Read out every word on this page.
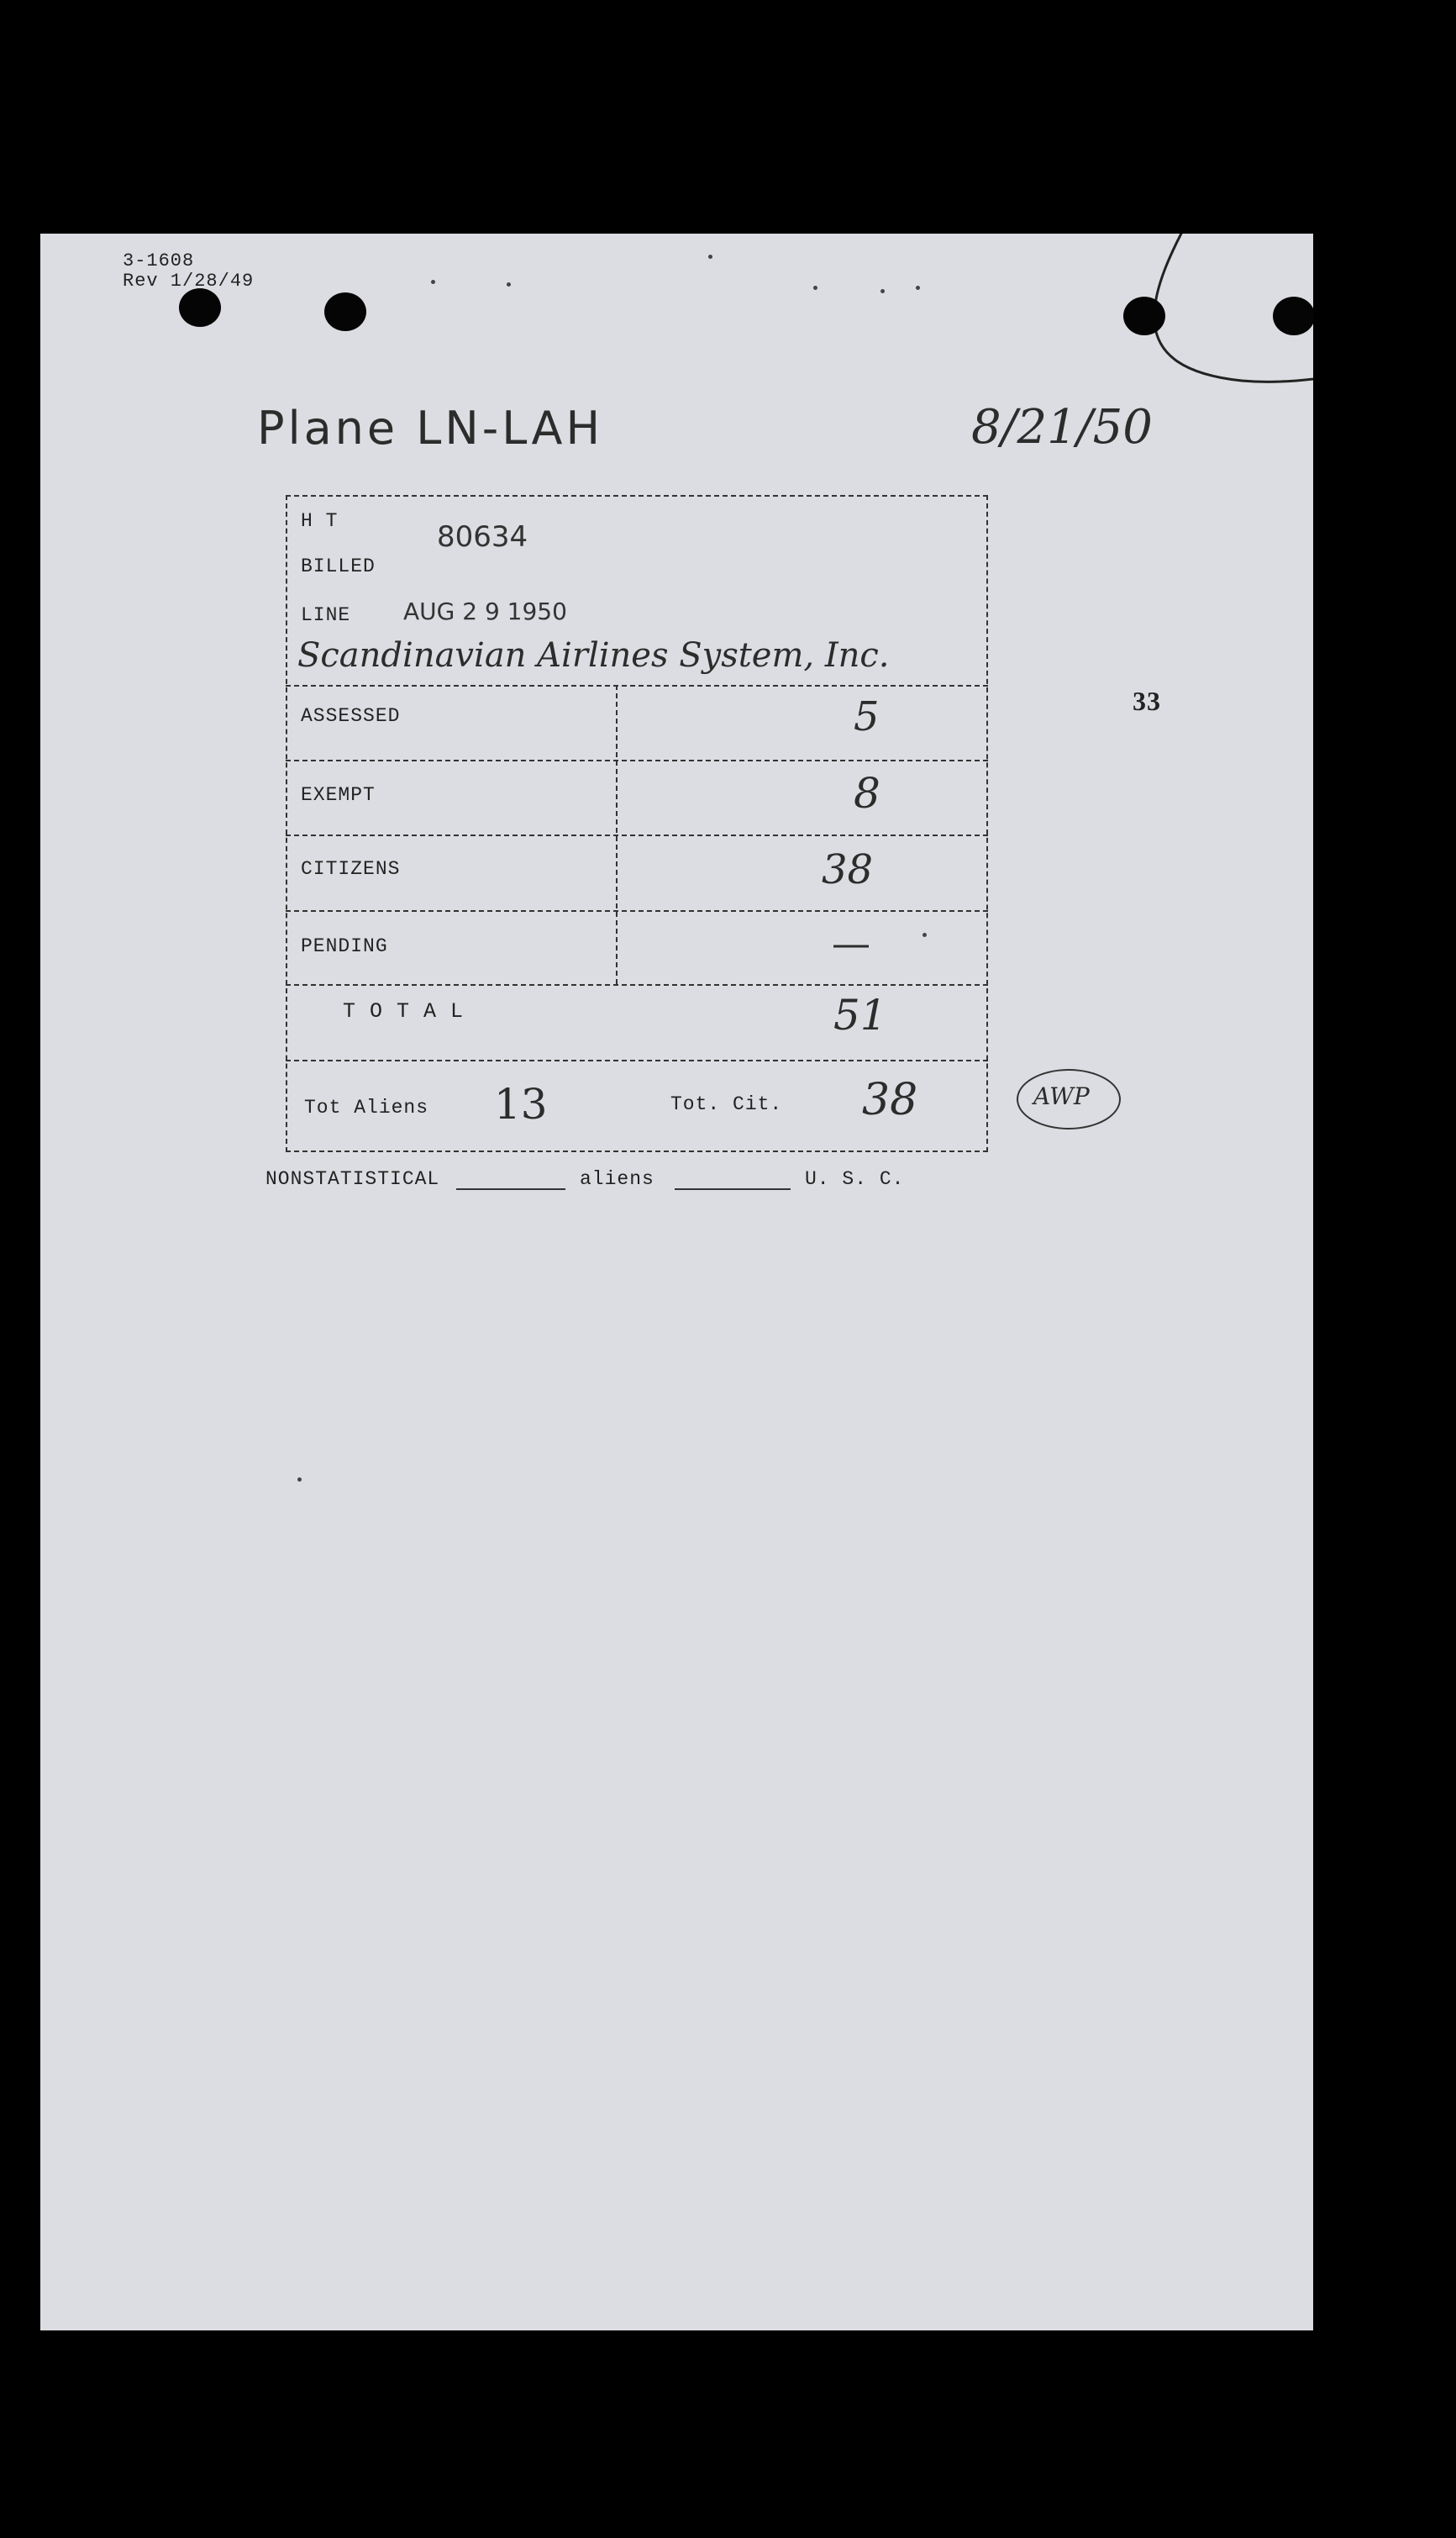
3-1608
Rev 1/28/49
Plane LN-LAH	8/21/50
33
H T	80634
BILLED
LINE AUG 2 9 1950
Scandinavian Airlines System, Inc.
ASSESSED	5
EXEMPT	8
CITIZENS	38
PENDING	—
T O T A L	51
Tot Aliens 13	Tot. Cit. 38	AWP
NONSTATISTICAL	aliens	U. S. C.
